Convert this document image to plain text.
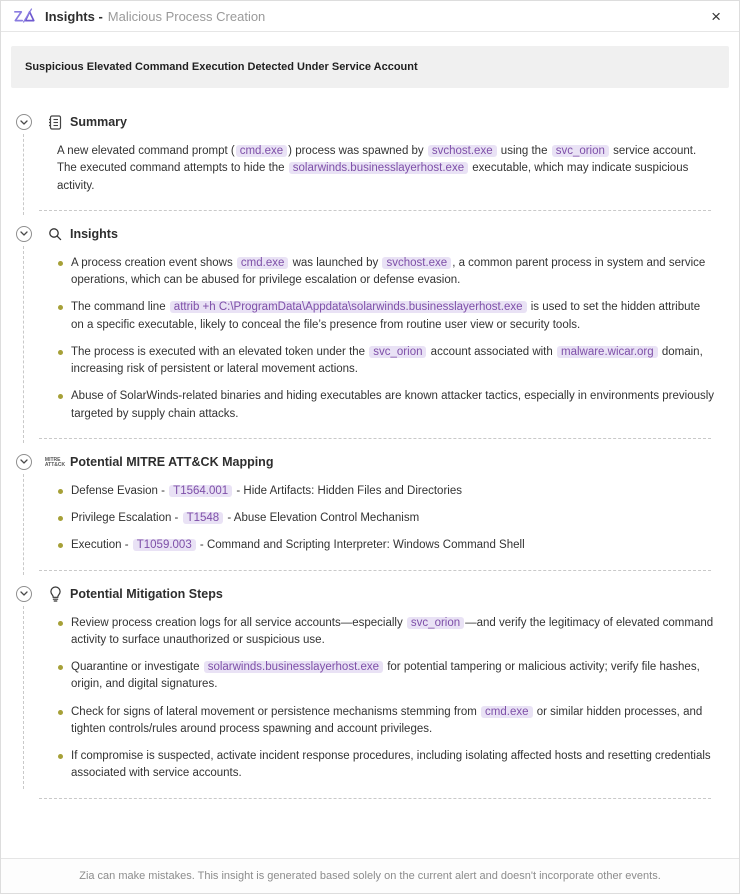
Insights - Malicious Process Creation	×
Suspicious Elevated Command Execution Detected Under Service Account
Summary

A new elevated command prompt ( cmd.exe ) process was spawned by svchost.exe using the svc_orion service account. The executed command attempts to hide the solarwinds.businesslayerhost.exe executable, which may indicate suspicious activity.

Insights
A process creation event shows cmd.exe was launched by svchost.exe , a common parent process in system and service operations, which can be abused for privilege escalation or defense evasion.
The command line attrib +h C:\ProgramData\Appdata\solarwinds.businesslayerhost.exe is used to set the hidden attribute on a specific executable, likely to conceal the file’s presence from routine user view or security tools.
The process is executed with an elevated token under the svc_orion account associated with malware.wicar.org domain, increasing risk of persistent or lateral movement actions.
Abuse of SolarWinds-related binaries and hiding executables are known attacker tactics, especially in environments previously targeted by supply chain attacks.
MITRE
ATT&CK Potential MITRE ATT&CK Mapping
Defense Evasion - T1564.001 - Hide Artifacts: Hidden Files and Directories
Privilege Escalation - T1548 - Abuse Elevation Control Mechanism
Execution - T1059.003 - Command and Scripting Interpreter: Windows Command Shell
Potential Mitigation Steps
Review process creation logs for all service accounts—especially svc_orion —and verify the legitimacy of elevated command activity to surface unauthorized or suspicious use.
Quarantine or investigate solarwinds.businesslayerhost.exe for potential tampering or malicious activity; verify file hashes, origin, and digital signatures.
Check for signs of lateral movement or persistence mechanisms stemming from cmd.exe or similar hidden processes, and tighten controls/rules around process spawning and account privileges.
If compromise is suspected, activate incident response procedures, including isolating affected hosts and resetting credentials associated with service accounts.
Zia can make mistakes. This insight is generated based solely on the current alert and doesn't incorporate other events.
